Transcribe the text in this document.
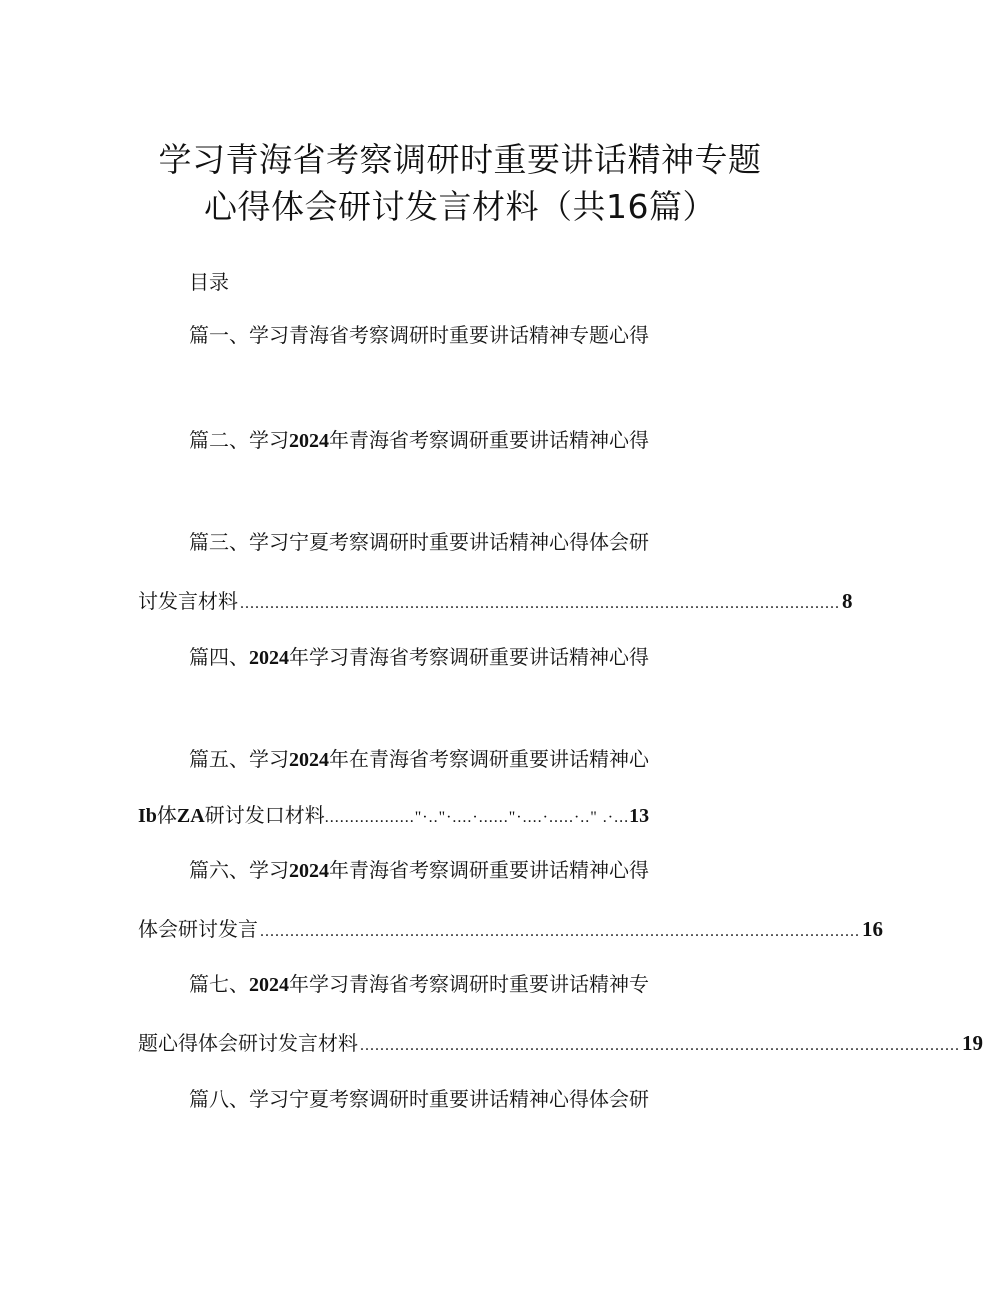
学习青海省考察调研时重要讲话精神专题
心得体会研讨发言材料（共16篇）
目录
篇一、学习青海省考察调研时重要讲话精神专题心得
篇二、学习2024年青海省考察调研重要讲话精神心得
篇三、学习宁夏考察调研时重要讲话精神心得体会研
讨发言材料 ........................................................................................................................ 8
篇四、2024年学习青海省考察调研重要讲话精神心得
篇五、学习2024年在青海省考察调研重要讲话精神心
Ib体ZA研讨发口材料.................."·.."·....·......"·....·.....·.." .·...13
篇六、学习2024年青海省考察调研重要讲话精神心得
体会研讨发言 ........................................................................................................................ 16
篇七、2024年学习青海省考察调研时重要讲话精神专
题心得体会研讨发言材料 ........................................................................................................................ 19
篇八、学习宁夏考察调研时重要讲话精神心得体会研
